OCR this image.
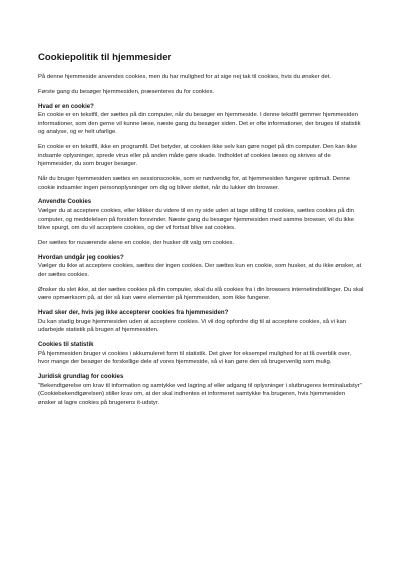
Cookiepolitik til hjemmesider
På denne hjemmeside anvendes cookies, men du har mulighed for at sige nej tak til cookies, hvis du ønsker det.
Første gang du besøger hjemmesiden, præsenteres du for cookies.
Hvad er en cookie?
En cookie er en tekstfil, der sættes på din computer, når du besøger en hjemmeside. I denne tekstfil gemmer hjemmesiden informationer, som den gerne vil kunne læse, næste gang du besøger siden. Det er ofte informationer, der bruges til statistik og analyse, og er helt ufarlige.
En cookie er en tekstfil, ikke en programfil. Det betyder, at cookien ikke selv kan gøre noget på din computer. Den kan ikke indsamle oplysninger, sprede virus eller på anden måde gøre skade. Indholdet af cookies læses og skrives af de hjemmesider, du som bruger besøger.
Når du bruger hjemmesiden sættes en sessionscookie, som er nødvendig for, at hjemmesiden fungerer optimalt. Denne cookie indsamler ingen personoplysninger om dig og bliver slettet, når du lukker din browser.
Anvendte Cookies
Vælger du at acceptere cookies, eller klikker du videre til en ny side uden at tage stilling til cookies, sættes cookies på din computer, og meddelelsen på forsiden forsvinder. Næste gang du besøger hjemmesiden med samme browser, vil du ikke blive spurgt, om du vil acceptere cookies, og der vil fortsat blive sat cookies.
Der sættes for nuværende alene en cookie, der husker dit valg om cookies.
Hvordan undgår jeg cookies?
Vælger du ikke at acceptere cookies, sættes der ingen cookies. Der sættes kun en cookie, som husker, at du ikke ønsker, at der sættes cookies.
Ønsker du slet ikke, at der sættes cookies på din computer, skal du slå cookies fra i din browsers internetindstillinger. Du skal være opmærksom på, at der så kan være elementer på hjemmesiden, som ikke fungerer.
Hvad sker der, hvis jeg ikke accepterer cookies fra hjemmesiden?
Du kan stadig bruge hjemmesiden uden at acceptere cookies. Vi vil dog opfordre dig til at acceptere cookies, så vi kan udarbejde statistik på brugen af hjemmesiden.
Cookies til statistik
På hjemmesiden bruger vi cookies i akkumuleret form til statistik. Det giver for eksempel mulighed for at få overblik over, hvor mange der besøger de forskellige dele af vores hjemmeside, så vi kan gøre den så brugervenlig som mulig.
Juridisk grundlag for cookies
"Bekendtgørelse om krav til information og samtykke ved lagring af eller adgang til oplysninger i slutbrugeres terminaludstyr" (Cookiebekendtgørelsen) stiller krav om, at der skal indhentes et informeret samtykke fra brugeren, hvis hjemmesiden ønsker at lagre cookies på brugerens it-udstyr.
